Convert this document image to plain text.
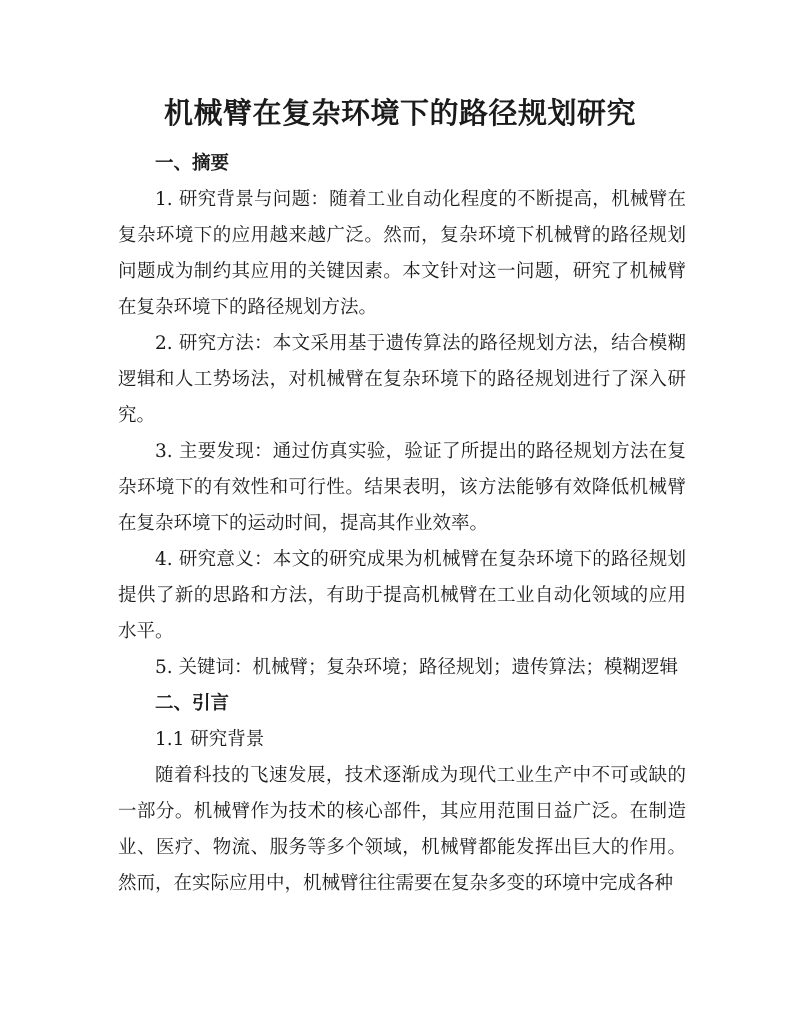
机械臂在复杂环境下的路径规划研究

一、摘要

1. 研究背景与问题：随着工业自动化程度的不断提高，机械臂在复杂环境下的应用越来越广泛。然而，复杂环境下机械臂的路径规划问题成为制约其应用的关键因素。本文针对这一问题，研究了机械臂在复杂环境下的路径规划方法。

2. 研究方法：本文采用基于遗传算法的路径规划方法，结合模糊逻辑和人工势场法，对机械臂在复杂环境下的路径规划进行了深入研究。

3. 主要发现：通过仿真实验，验证了所提出的路径规划方法在复杂环境下的有效性和可行性。结果表明，该方法能够有效降低机械臂在复杂环境下的运动时间，提高其作业效率。

4. 研究意义：本文的研究成果为机械臂在复杂环境下的路径规划提供了新的思路和方法，有助于提高机械臂在工业自动化领域的应用水平。

5. 关键词：机械臂；复杂环境；路径规划；遗传算法；模糊逻辑

二、引言

1.1 研究背景

随着科技的飞速发展，技术逐渐成为现代工业生产中不可或缺的一部分。机械臂作为技术的核心部件，其应用范围日益广泛。在制造业、医疗、物流、服务等多个领域，机械臂都能发挥出巨大的作用。然而，在实际应用中，机械臂往往需要在复杂多变的环境中完成各种
